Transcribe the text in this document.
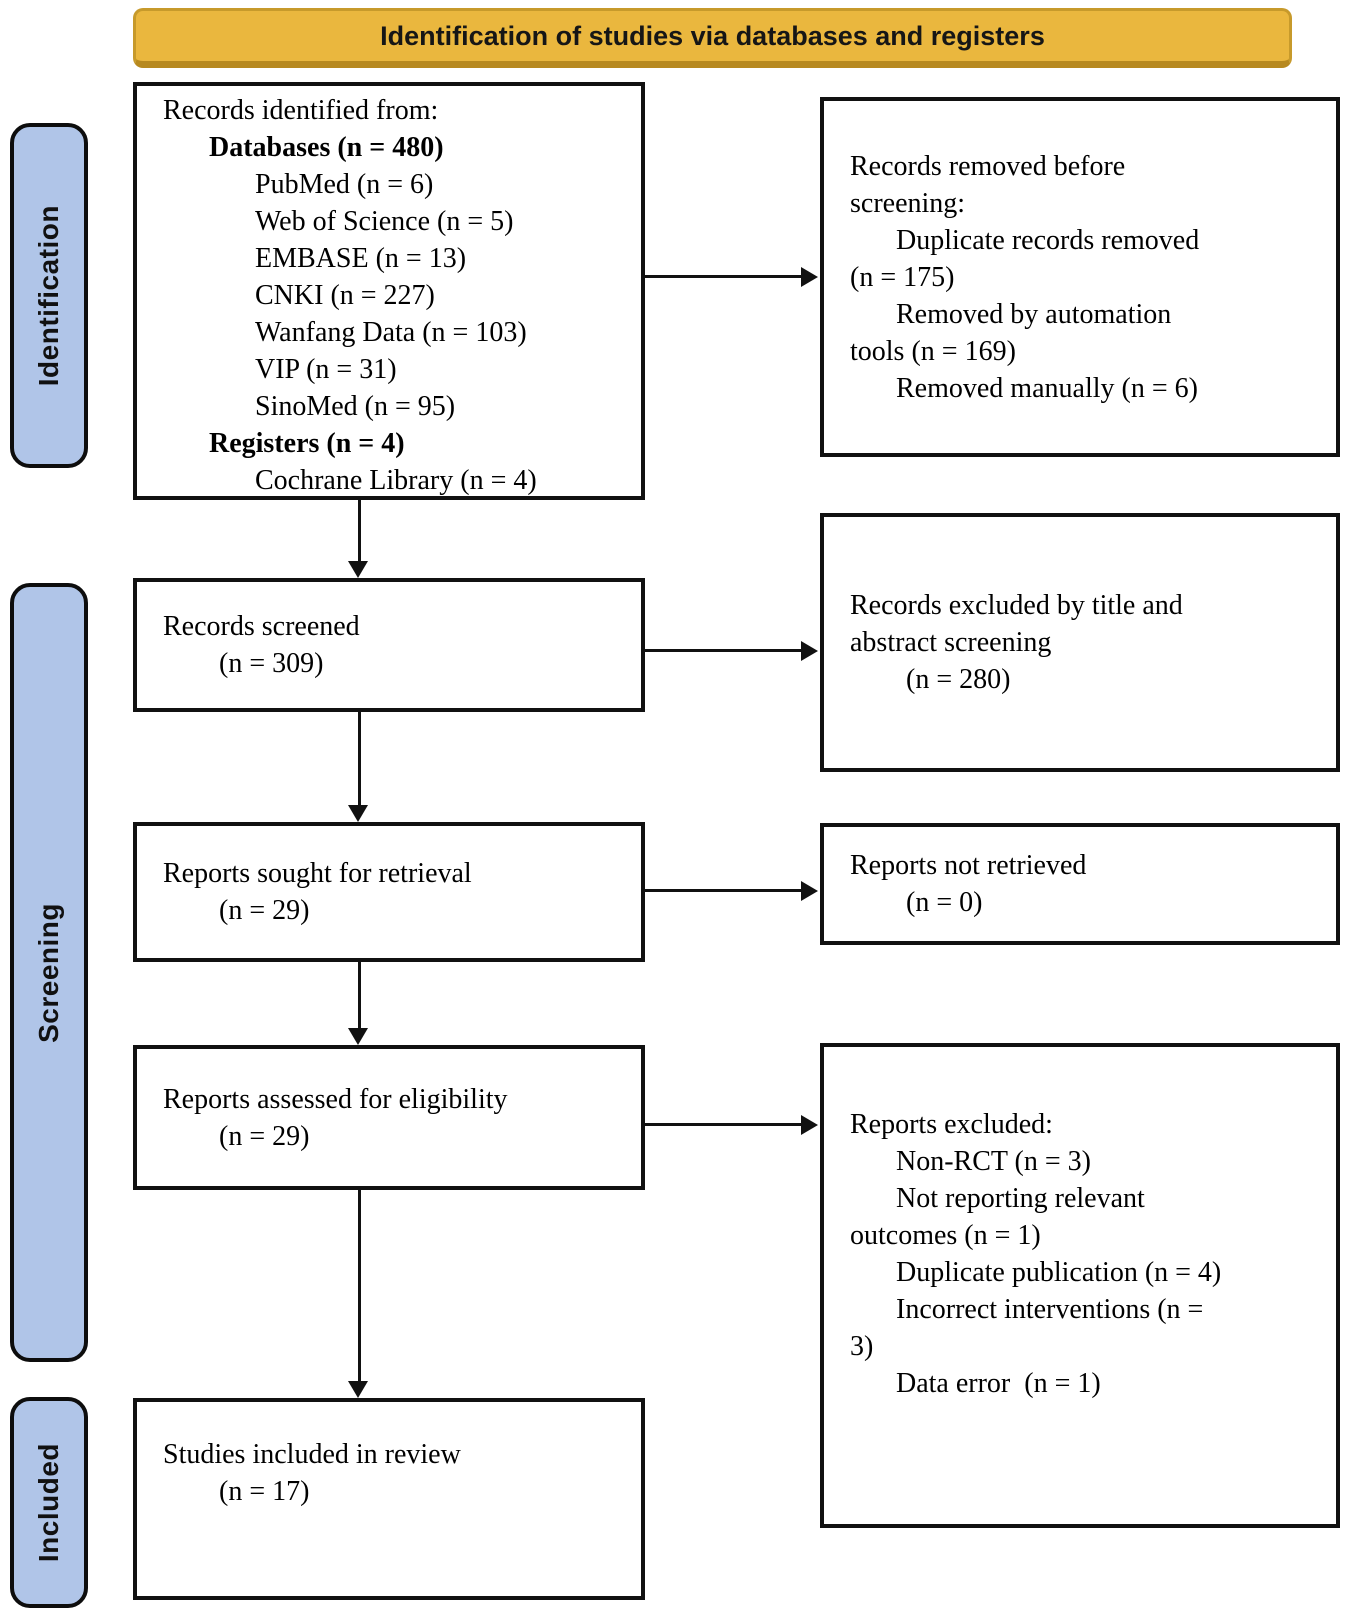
Identification of studies via databases and registers
Identification
Screening
Included
Records identified from:
Databases (n = 480)
PubMed (n = 6)
Web of Science (n = 5)
EMBASE (n = 13)
CNKI (n = 227)
Wanfang Data (n = 103)
VIP (n = 31)
SinoMed (n = 95)
Registers (n = 4)
Cochrane Library (n = 4)
Records screened
(n = 309)
Reports sought for retrieval
(n = 29)
Reports assessed for eligibility
(n = 29)
Studies included in review
(n = 17)
Records removed before
screening:
Duplicate records removed
(n = 175)
Removed by automation
tools (n = 169)
Removed manually (n = 6)
Records excluded by title and
abstract screening
(n = 280)
Reports not retrieved
(n = 0)
Reports excluded:
Non-RCT (n = 3)
Not reporting relevant
outcomes (n = 1)
Duplicate publication (n = 4)
Incorrect interventions (n =
3)
Data error  (n = 1)
